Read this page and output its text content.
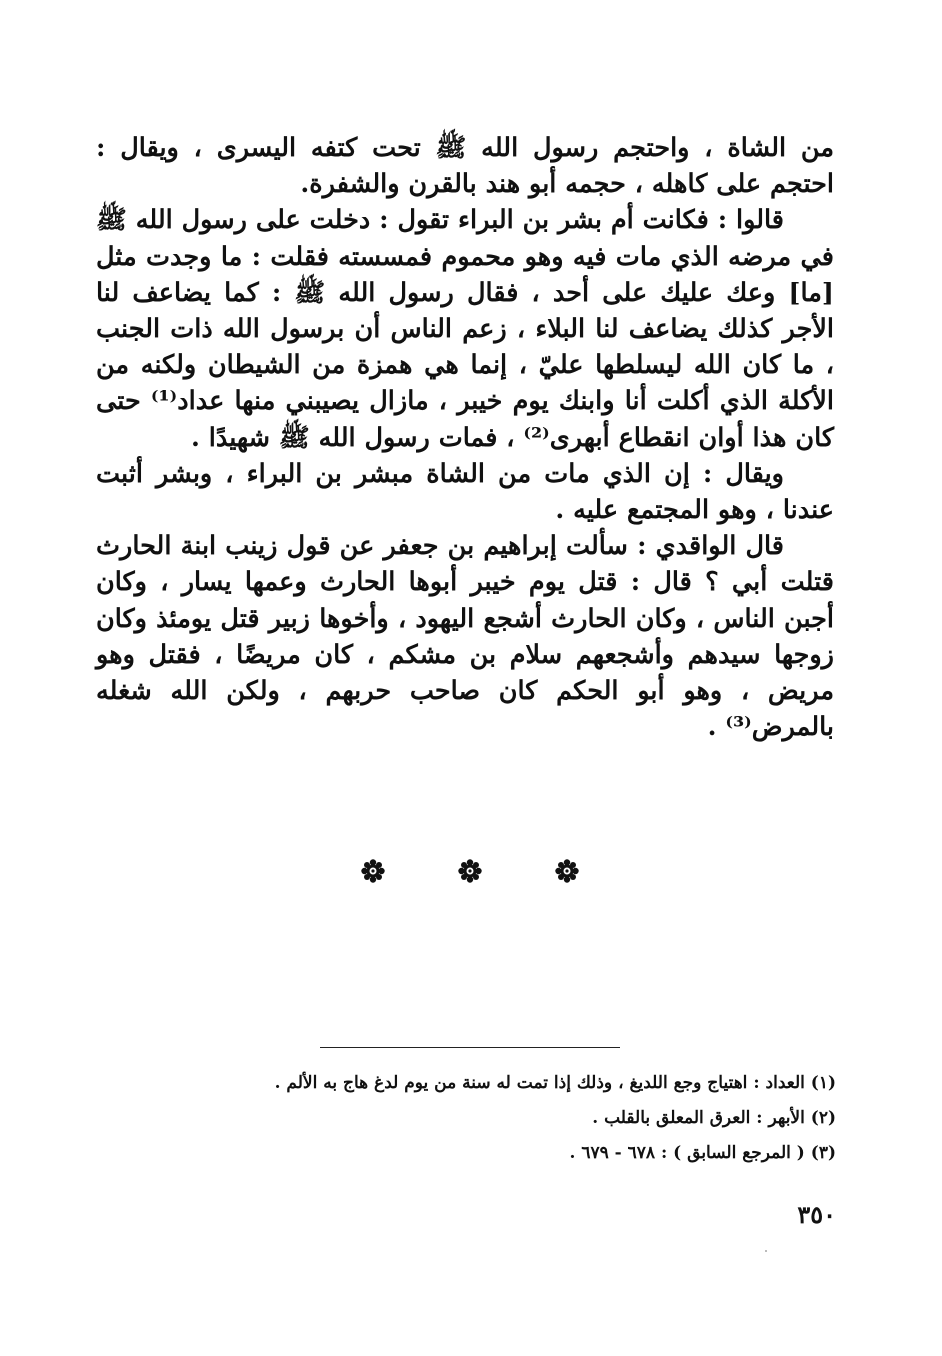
من الشاة ، واحتجم رسول الله ﷺ تحت كتفه اليسرى ، ويقال : احتجم على كاهله ، حجمه أبو هند بالقرن والشفرة.

قالوا : فكانت أم بشر بن البراء تقول : دخلت على رسول الله ﷺ في مرضه الذي مات فيه وهو محموم فمسسته فقلت : ما وجدت مثل [ما] وعك عليك على أحد ، فقال رسول الله ﷺ : كما يضاعف لنا الأجر كذلك يضاعف لنا البلاء ، زعم الناس أن برسول الله ذات الجنب ، ما كان الله ليسلطها عليّ ، إنما هي همزة من الشيطان ولكنه من الأكلة الذي أكلت أنا وابنك يوم خيبر ، مازال يصيبني منها عداد⁽¹⁾ حتى كان هذا أوان انقطاع أبهرى⁽²⁾ ، فمات رسول الله ﷺ شهيدًا .

ويقال : إن الذي مات من الشاة مبشر بن البراء ، وبشر أثبت عندنا ، وهو المجتمع عليه .

قال الواقدي : سألت إبراهيم بن جعفر عن قول زينب ابنة الحارث قتلت أبي ؟ قال : قتل يوم خيبر أبوها الحارث وعمها يسار ، وكان أجبن الناس ، وكان الحارث أشجع اليهود ، وأخوها زبير قتل يومئذ وكان زوجها سيدهم وأشجعهم سلام بن مشكم ، كان مريضًا ، فقتل وهو مريض ، وهو أبو الحكم كان صاحب حربهم ، ولكن الله شغله بالمرض⁽³⁾ .

(١) العداد : اهتياج وجع اللديغ ، وذلك إذا تمت له سنة من يوم لدغ هاج به الألم .
(٢) الأبهر : العرق المعلق بالقلب .
(٣) ( المرجع السابق ) : ٦٧٨ - ٦٧٩ .
٣٥٠
